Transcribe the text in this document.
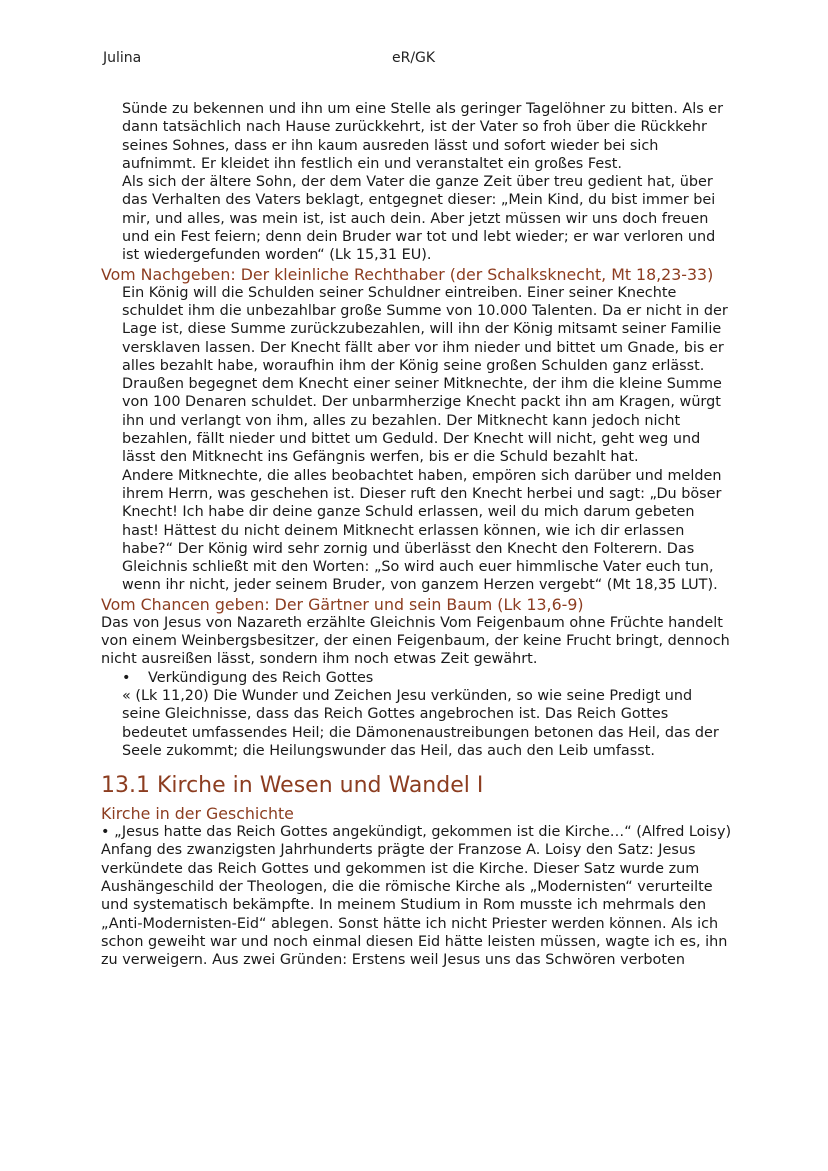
Julina	eR/GK

Sünde zu bekennen und ihn um eine Stelle als geringer Tagelöhner zu bitten. Als er dann tatsächlich nach Hause zurückkehrt, ist der Vater so froh über die Rückkehr seines Sohnes, dass er ihn kaum ausreden lässt und sofort wieder bei sich aufnimmt. Er kleidet ihn festlich ein und veranstaltet ein großes Fest.

Als sich der ältere Sohn, der dem Vater die ganze Zeit über treu gedient hat, über das Verhalten des Vaters beklagt, entgegnet dieser: „Mein Kind, du bist immer bei mir, und alles, was mein ist, ist auch dein. Aber jetzt müssen wir uns doch freuen und ein Fest feiern; denn dein Bruder war tot und lebt wieder; er war verloren und ist wiedergefunden worden“ (Lk 15,31 EU).

Vom Nachgeben: Der kleinliche Rechthaber (der Schalksknecht, Mt 18,23-33)

Ein König will die Schulden seiner Schuldner eintreiben. Einer seiner Knechte schuldet ihm die unbezahlbar große Summe von 10.000 Talenten. Da er nicht in der Lage ist, diese Summe zurückzubezahlen, will ihn der König mitsamt seiner Familie versklaven lassen. Der Knecht fällt aber vor ihm nieder und bittet um Gnade, bis er alles bezahlt habe, woraufhin ihm der König seine großen Schulden ganz erlässt.

Draußen begegnet dem Knecht einer seiner Mitknechte, der ihm die kleine Summe von 100 Denaren schuldet. Der unbarmherzige Knecht packt ihn am Kragen, würgt ihn und verlangt von ihm, alles zu bezahlen. Der Mitknecht kann jedoch nicht bezahlen, fällt nieder und bittet um Geduld. Der Knecht will nicht, geht weg und lässt den Mitknecht ins Gefängnis werfen, bis er die Schuld bezahlt hat.

Andere Mitknechte, die alles beobachtet haben, empören sich darüber und melden ihrem Herrn, was geschehen ist. Dieser ruft den Knecht herbei und sagt: „Du böser Knecht! Ich habe dir deine ganze Schuld erlassen, weil du mich darum gebeten hast! Hättest du nicht deinem Mitknecht erlassen können, wie ich dir erlassen habe?“ Der König wird sehr zornig und überlässt den Knecht den Folterern. Das Gleichnis schließt mit den Worten: „So wird auch euer himmlische Vater euch tun, wenn ihr nicht, jeder seinem Bruder, von ganzem Herzen vergebt“ (Mt 18,35 LUT).

Vom Chancen geben: Der Gärtner und sein Baum (Lk 13,6-9)

Das von Jesus von Nazareth erzählte Gleichnis Vom Feigenbaum ohne Früchte handelt von einem Weinbergsbesitzer, der einen Feigenbaum, der keine Frucht bringt, dennoch nicht ausreißen lässt, sondern ihm noch etwas Zeit gewährt.

•	Verkündigung des Reich Gottes

« (Lk 11,20) Die Wunder und Zeichen Jesu verkünden, so wie seine Predigt und seine Gleichnisse, dass das Reich Gottes angebrochen ist. Das Reich Gottes bedeutet umfassendes Heil; die Dämonenaustreibungen betonen das Heil, das der Seele zukommt; die Heilungswunder das Heil, das auch den Leib umfasst.

13.1 Kirche in Wesen und Wandel I
Kirche in der Geschichte

• „Jesus hatte das Reich Gottes angekündigt, gekommen ist die Kirche…“ (Alfred Loisy)

Anfang des zwanzigsten Jahrhunderts prägte der Franzose A. Loisy den Satz: Jesus verkündete das Reich Gottes und gekommen ist die Kirche. Dieser Satz wurde zum Aushängeschild der Theologen, die die römische Kirche als „Modernisten“ verurteilte und systematisch bekämpfte. In meinem Studium in Rom musste ich mehrmals den „Anti-Modernisten-Eid“ ablegen. Sonst hätte ich nicht Priester werden können. Als ich schon geweiht war und noch einmal diesen Eid hätte leisten müssen, wagte ich es, ihn zu verweigern. Aus zwei Gründen: Erstens weil Jesus uns das Schwören verboten
